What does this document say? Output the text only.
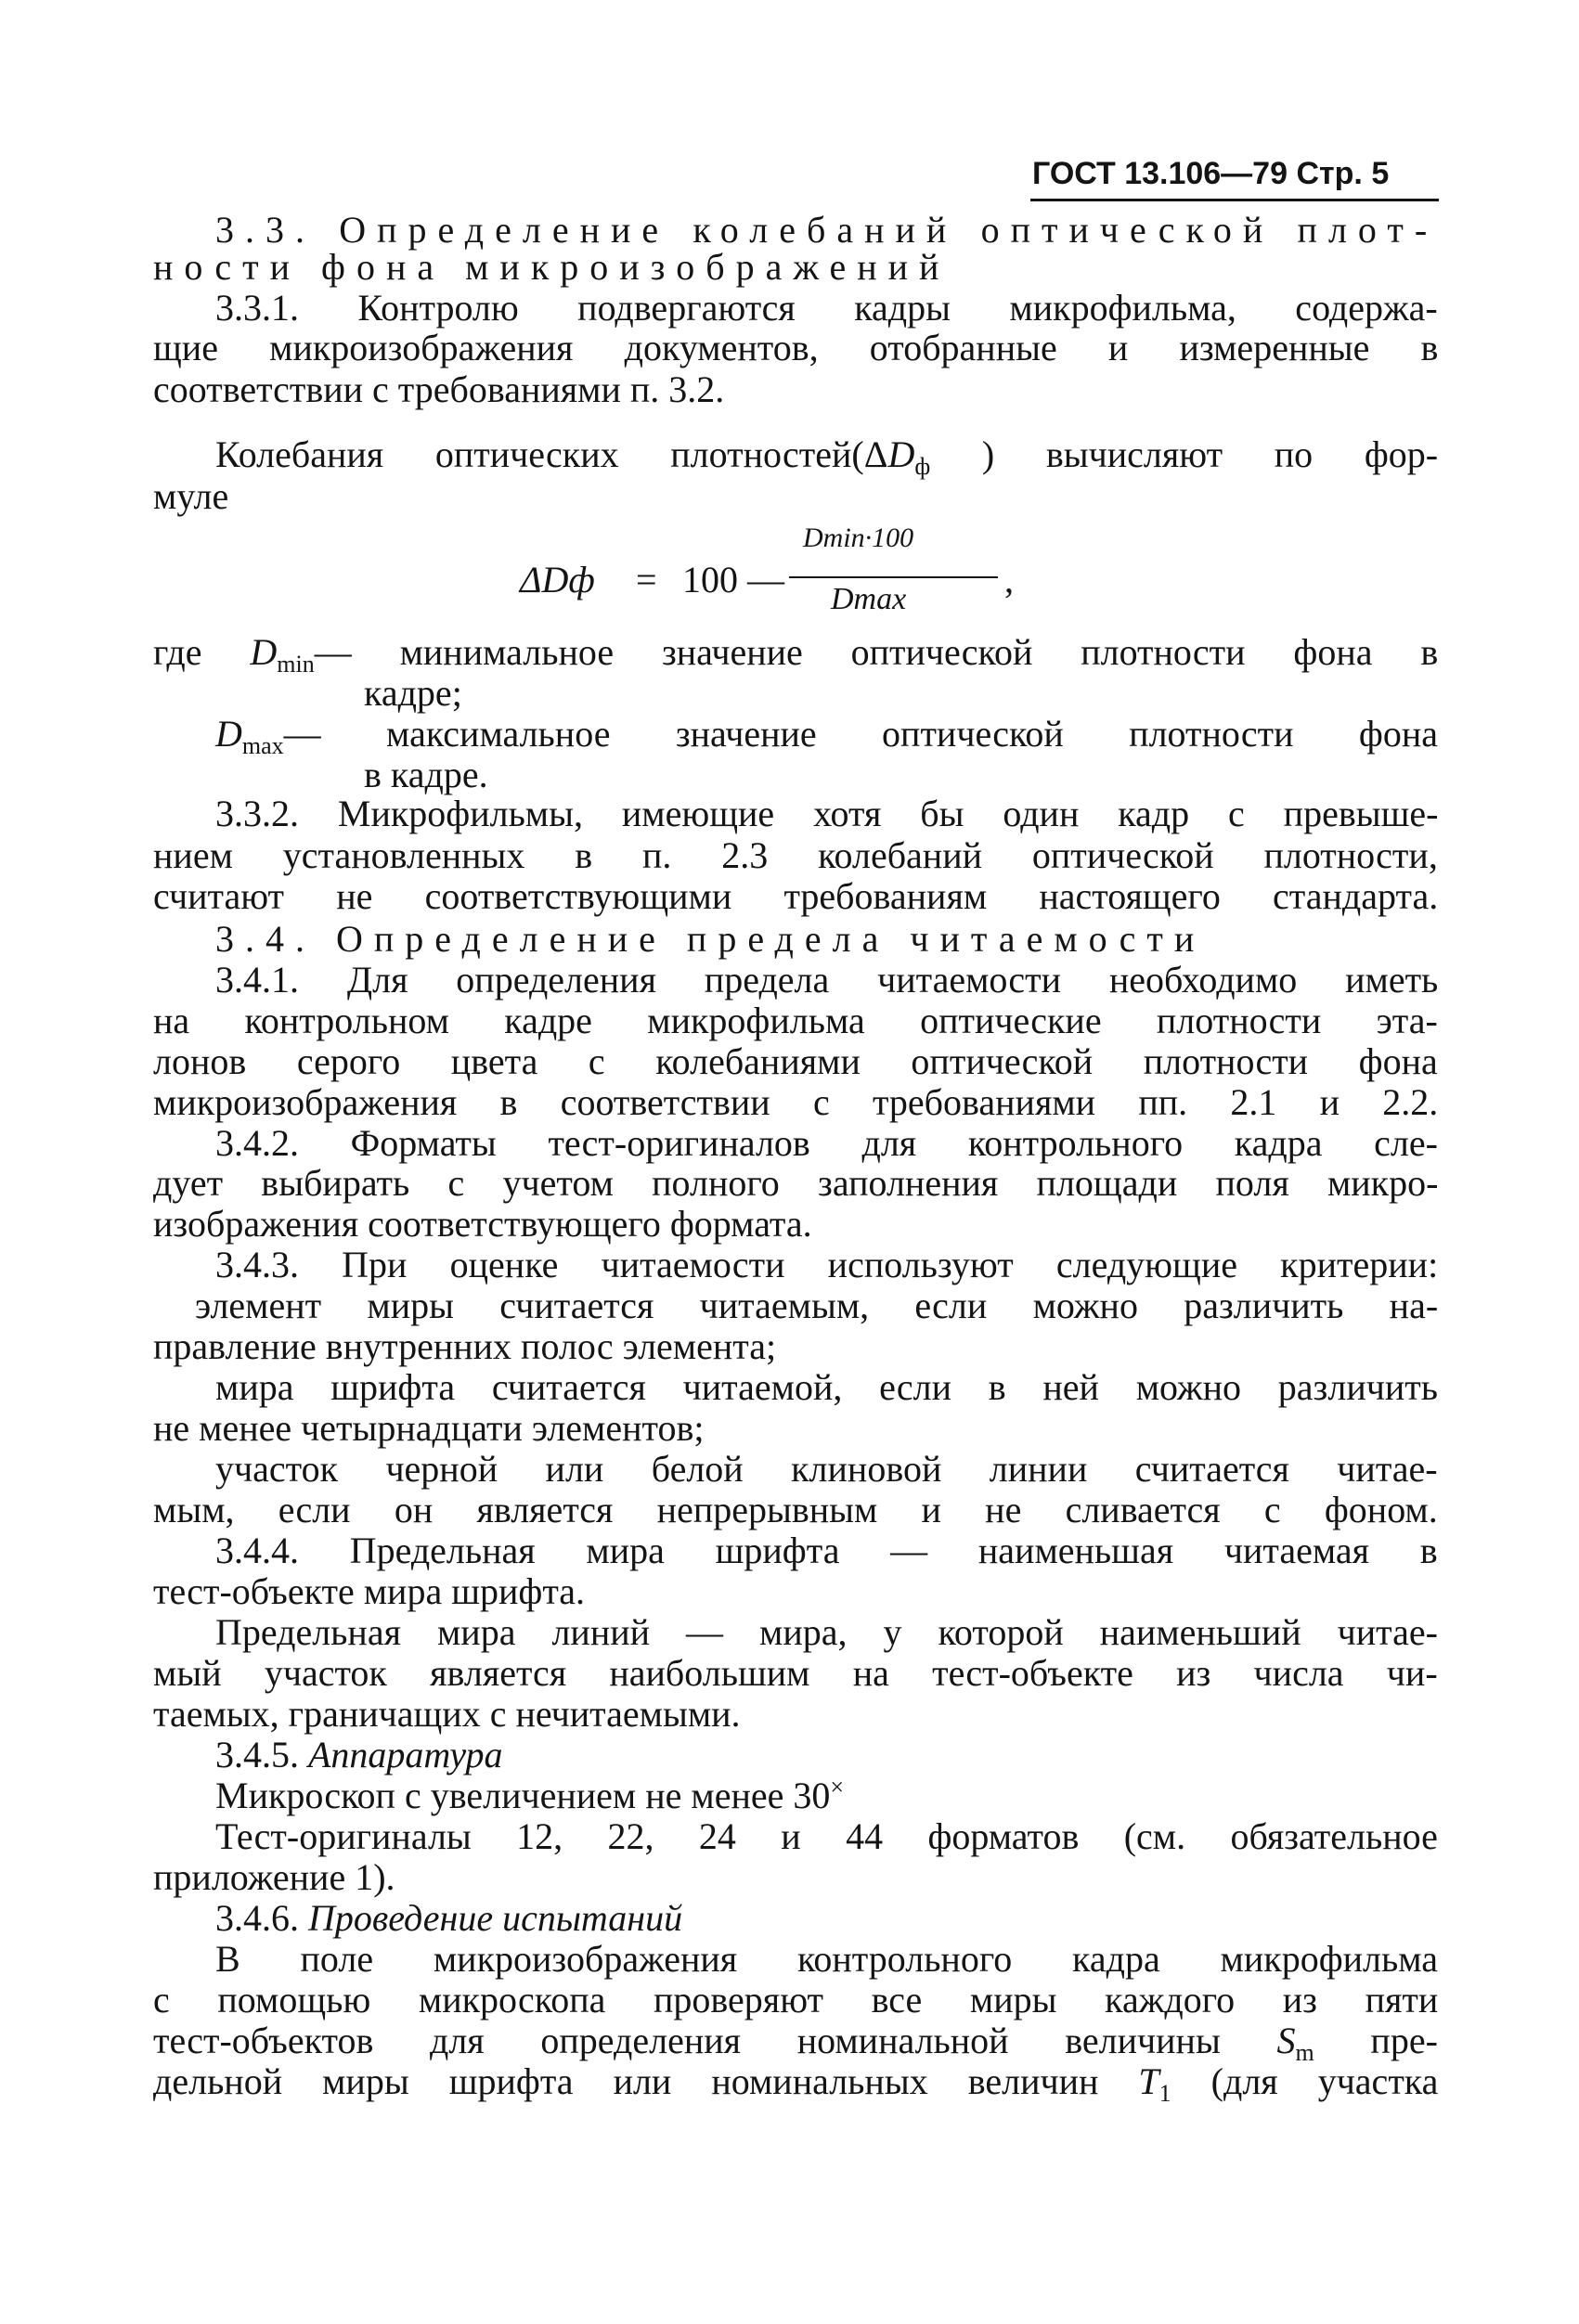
ГОСТ 13.106—79 Стр. 5
3.3. Определение колебаний оптической плот-
ности фона микроизображений
3.3.1. Контролю подвергаются кадры микрофильма, содержа-
щие микроизображения документов, отобранные и измеренные в
соответствии с требованиями п. 3.2.
Колебания оптических $плотностей(\Delta D_ф$ ) вычисляют по фор-
муле
где $D_{min}—$ минимальное значение оптической плотности фона в
кадре;
$D_{max}—$ максимальное значение оптической плотности фона
в кадре.
3.3.2. Микрофильмы, имеющие хотя бы один кадр с превыше-
нием установленных в п. 2.3 колебаний оптической плотности,
считают не соответствующими требованиям настоящего стандарта.
3.4. Определение предела читаемости
3.4.1. Для определения предела читаемости необходимо иметь
на контрольном кадре микрофильма оптические плотности эта-
лонов серого цвета с колебаниями оптической плотности фона
микроизображения в соответствии с требованиями пп. 2.1 и 2.2.
3.4.2. Форматы тест-оригиналов для контрольного кадра сле-
дует выбирать с учетом полного заполнения площади поля микро-
изображения соответствующего формата.
3.4.3. При оценке читаемости используют следующие критерии:
элемент миры считается читаемым, если можно различить на-
правление внутренних полос элемента;
мира шрифта считается читаемой, если в ней можно различить
не менее четырнадцати элементов;
участок черной или белой клиновой линии считается читае-
мым, если он является непрерывным и не сливается с фоном.
3.4.4. Предельная мира шрифта — наименьшая читаемая в
тест-объекте мира шрифта.
Предельная мира линий — мира, у которой наименьший читае-
мый участок является наибольшим на тест-объекте из числа чи-
таемых, граничащих с нечитаемыми.
3.4.5. Аппаратура
Микроскоп с увеличением не менее 30×
Тест-оригиналы 12, 22, 24 и 44 форматов (см. обязательное
приложение 1).
3.4.6. Проведение испытаний
В поле микроизображения контрольного кадра микрофильма
с помощью микроскопа проверяют все миры каждого из пяти
тест-объектов для определения номинальной величины $S_m$ пре-
дельной миры шрифта или номинальных величин $T_1$ (для участка
ΔDф = 100 —
Dmin·100
Dmax	,
